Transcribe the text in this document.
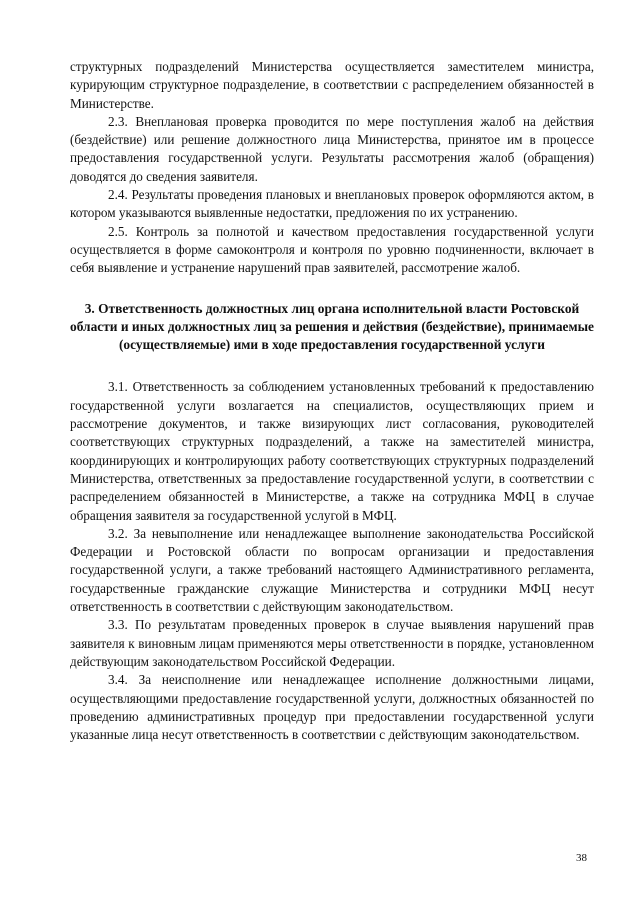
структурных подразделений Министерства осуществляется заместителем министра, курирующим структурное подразделение, в соответствии с распределением обязанностей в Министерстве.

2.3. Внеплановая проверка проводится по мере поступления жалоб на действия (бездействие) или решение должностного лица Министерства, принятое им в процессе предоставления государственной услуги. Результаты рассмотрения жалоб (обращения) доводятся до сведения заявителя.

2.4. Результаты проведения плановых и внеплановых проверок оформляются актом, в котором указываются выявленные недостатки, предложения по их устранению.

2.5. Контроль за полнотой и качеством предоставления государственной услуги осуществляется в форме самоконтроля и контроля по уровню подчиненности, включает в себя выявление и устранение нарушений прав заявителей, рассмотрение жалоб.

3. Ответственность должностных лиц органа исполнительной власти Ростовской области и иных должностных лиц за решения и действия (бездействие), принимаемые (осуществляемые) ими в ходе предоставления государственной услуги

3.1. Ответственность за соблюдением установленных требований к предоставлению государственной услуги возлагается на специалистов, осуществляющих прием и рассмотрение документов, и также визирующих лист согласования, руководителей соответствующих структурных подразделений, а также на заместителей министра, координирующих и контролирующих работу соответствующих структурных подразделений Министерства, ответственных за предоставление государственной услуги, в соответствии с распределением обязанностей в Министерстве, а также на сотрудника МФЦ в случае обращения заявителя за государственной услугой в МФЦ.

3.2. За невыполнение или ненадлежащее выполнение законодательства Российской Федерации и Ростовской области по вопросам организации и предоставления государственной услуги, а также требований настоящего Административного регламента, государственные гражданские служащие Министерства и сотрудники МФЦ несут ответственность в соответствии с действующим законодательством.

3.3. По результатам проведенных проверок в случае выявления нарушений прав заявителя к виновным лицам применяются меры ответственности в порядке, установленном действующим законодательством Российской Федерации.

3.4. За неисполнение или ненадлежащее исполнение должностными лицами, осуществляющими предоставление государственной услуги, должностных обязанностей по проведению административных процедур при предоставлении государственной услуги указанные лица несут ответственность в соответствии с действующим законодательством.

38
